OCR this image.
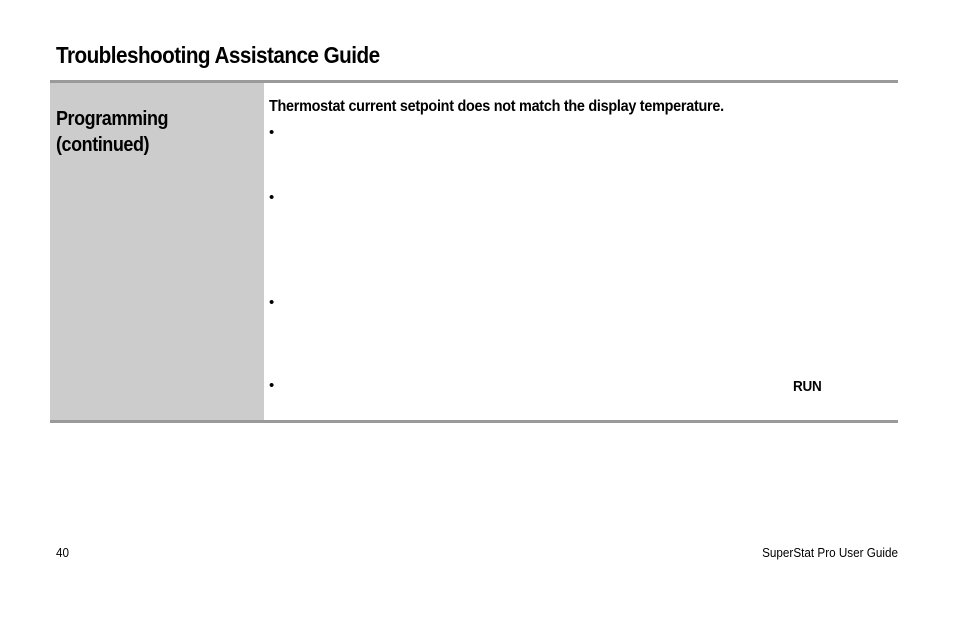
Troubleshooting Assistance Guide
Programming
(continued)
Thermostat current setpoint does not match the display temperature.
•
•
•
•	RUN
40	SuperStat Pro User Guide
